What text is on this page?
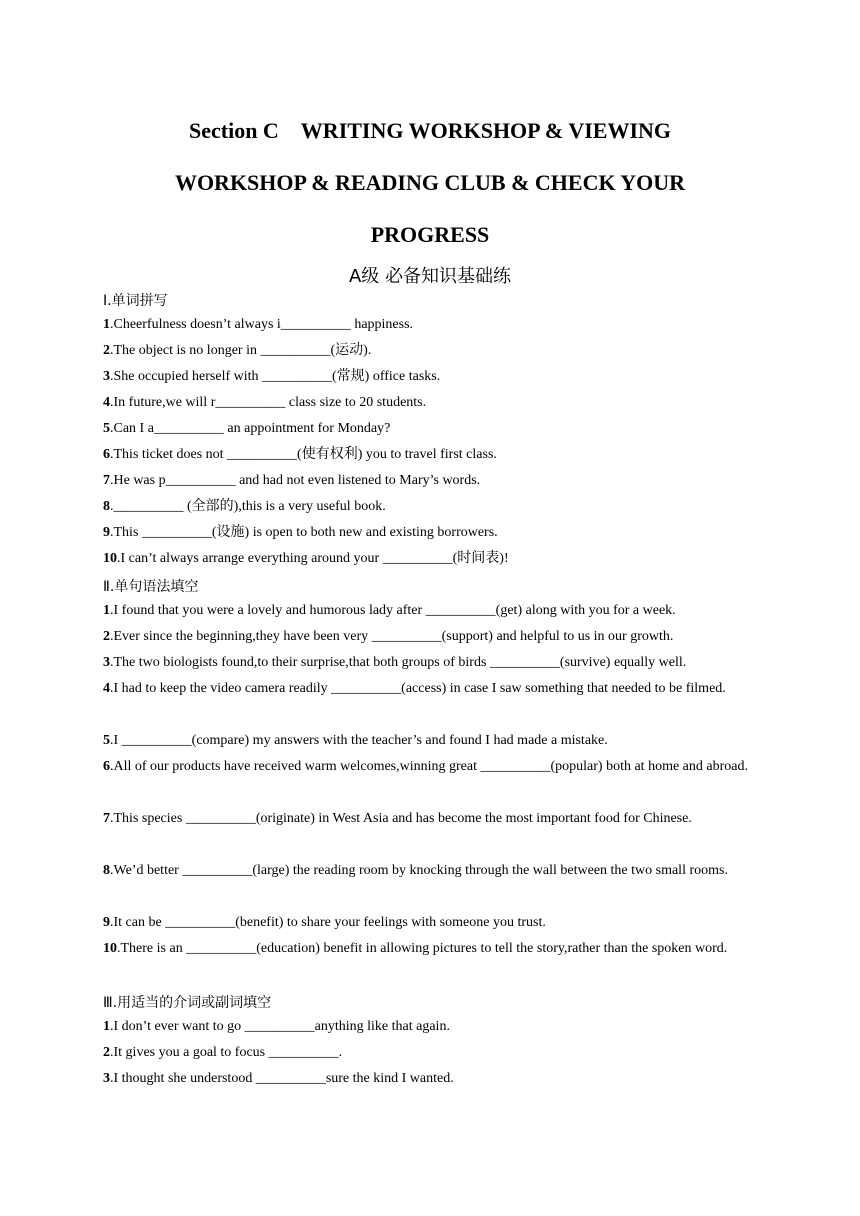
Section C    WRITING WORKSHOP & VIEWING
WORKSHOP & READING CLUB & CHECK YOUR
PROGRESS
A级 必备知识基础练
Ⅰ.单词拼写
1.Cheerfulness doesn’t always i__________ happiness.
2.The object is no longer in __________(运动).
3.She occupied herself with __________(常规) office tasks.
4.In future,we will r__________ class size to 20 students.
5.Can I a__________ an appointment for Monday?
6.This ticket does not __________(使有权利) you to travel first class.
7.He was p__________ and had not even listened to Mary’s words.
8.__________ (全部的),this is a very useful book.
9.This __________(设施) is open to both new and existing borrowers.
10.I can’t always arrange everything around your __________(时间表)!
Ⅱ.单句语法填空
1.I found that you were a lovely and humorous lady after __________(get) along with you for a week.
2.Ever since the beginning,they have been very __________(support) and helpful to us in our growth.
3.The two biologists found,to their surprise,that both groups of birds __________(survive) equally well.
4.I had to keep the video camera readily __________(access) in case I saw something that needed to be filmed.
5.I __________(compare) my answers with the teacher’s and found I had made a mistake.
6.All of our products have received warm welcomes,winning great __________(popular) both at home and abroad.
7.This species __________(originate) in West Asia and has become the most important food for Chinese.
8.We’d better __________(large) the reading room by knocking through the wall between the two small rooms.
9.It can be __________(benefit) to share your feelings with someone you trust.
10.There is an __________(education) benefit in allowing pictures to tell the story,rather than the spoken word.
Ⅲ.用适当的介词或副词填空
1.I don’t ever want to go __________anything like that again.
2.It gives you a goal to focus __________.
3.I thought she understood __________sure the kind I wanted.
